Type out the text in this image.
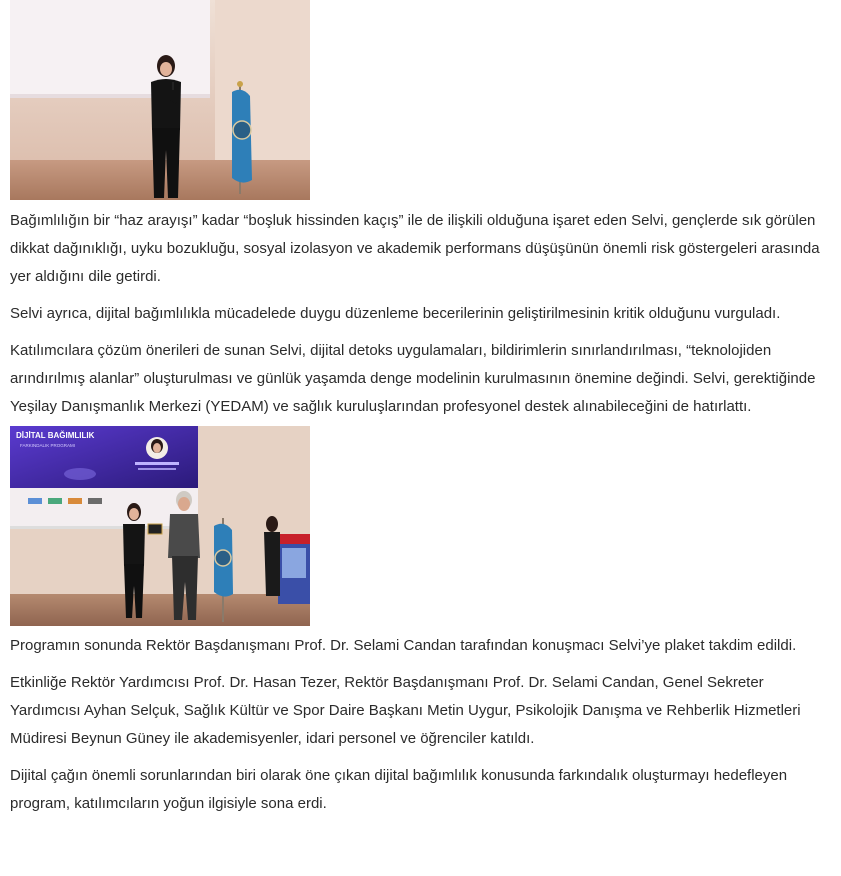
Bağımlılığın bir “haz arayışı” kadar “boşluk hissinden kaçış” ile de ilişkili olduğuna işaret eden Selvi, gençlerde sık görülen dikkat dağınıklığı, uyku bozukluğu, sosyal izolasyon ve akademik performans düşüşünün önemli risk göstergeleri arasında yer aldığını dile getirdi.

Selvi ayrıca, dijital bağımlılıkla mücadelede duygu düzenleme becerilerinin geliştirilmesinin kritik olduğunu vurguladı.

Katılımcılara çözüm önerileri de sunan Selvi, dijital detoks uygulamaları, bildirimlerin sınırlandırılması, “teknolojiden arındırılmış alanlar” oluşturulması ve günlük yaşamda denge modelinin kurulmasının önemine değindi. Selvi, gerektiğinde Yeşilay Danışmanlık Merkezi (YEDAM) ve sağlık kuruluşlarından profesyonel destek alınabileceğini de hatırlattı.

DİJİTAL BAĞIMLILIK
FARKINDALIK PROGRAMI

Programın sonunda Rektör Başdanışmanı Prof. Dr. Selami Candan tarafından konuşmacı Selvi’ye plaket takdim edildi.

Etkinliğe Rektör Yardımcısı Prof. Dr. Hasan Tezer, Rektör Başdanışmanı Prof. Dr. Selami Candan, Genel Sekreter Yardımcısı Ayhan Selçuk, Sağlık Kültür ve Spor Daire Başkanı Metin Uygur, Psikolojik Danışma ve Rehberlik Hizmetleri Müdiresi Beynun Güney ile akademisyenler, idari personel ve öğrenciler katıldı.

Dijital çağın önemli sorunlarından biri olarak öne çıkan dijital bağımlılık konusunda farkındalık oluşturmayı hedefleyen program, katılımcıların yoğun ilgisiyle sona erdi.
